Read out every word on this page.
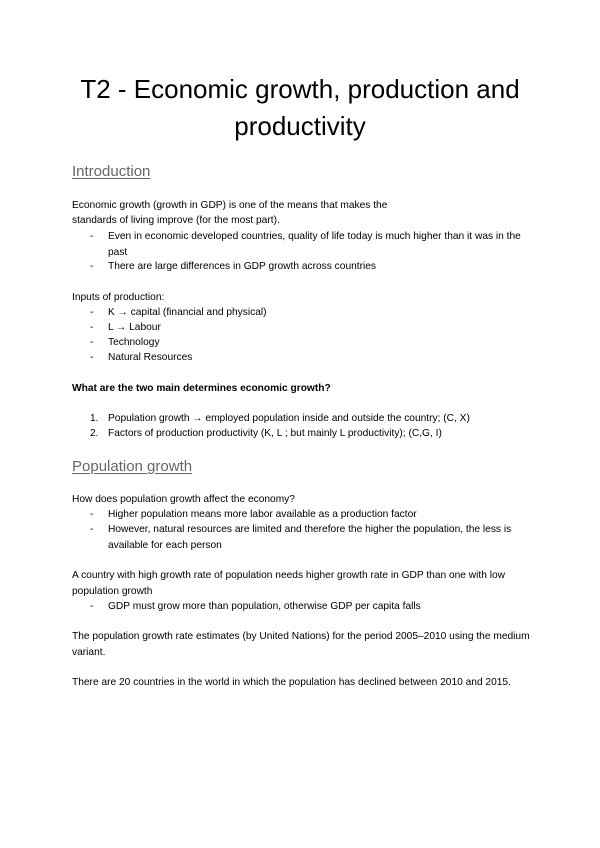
T2 - Economic growth, production and productivity
Introduction

Economic growth (growth in GDP) is one of the means that makes the

standards of living improve (for the most part).

- Even in economic developed countries, quality of life today is much higher than it was in the past
- There are large differences in GDP growth across countries

Inputs of production:

- K → capital (financial and physical)
- L → Labour
- Technology
- Natural Resources

What are the two main determines economic growth?

1. Population growth → employed population inside and outside the country; (C, X)
2. Factors of production productivity (K, L ; but mainly L productivity); (C,G, I)
Population growth

How does population growth affect the economy?

- Higher population means more labor available as a production factor
- However, natural resources are limited and therefore the higher the population, the less is available for each person

A country with high growth rate of population needs higher growth rate in GDP than one with low population growth

- GDP must grow more than population, otherwise GDP per capita falls

The population growth rate estimates (by United Nations) for the period 2005–2010 using the medium variant.

There are 20 countries in the world in which the population has declined between 2010 and 2015.
